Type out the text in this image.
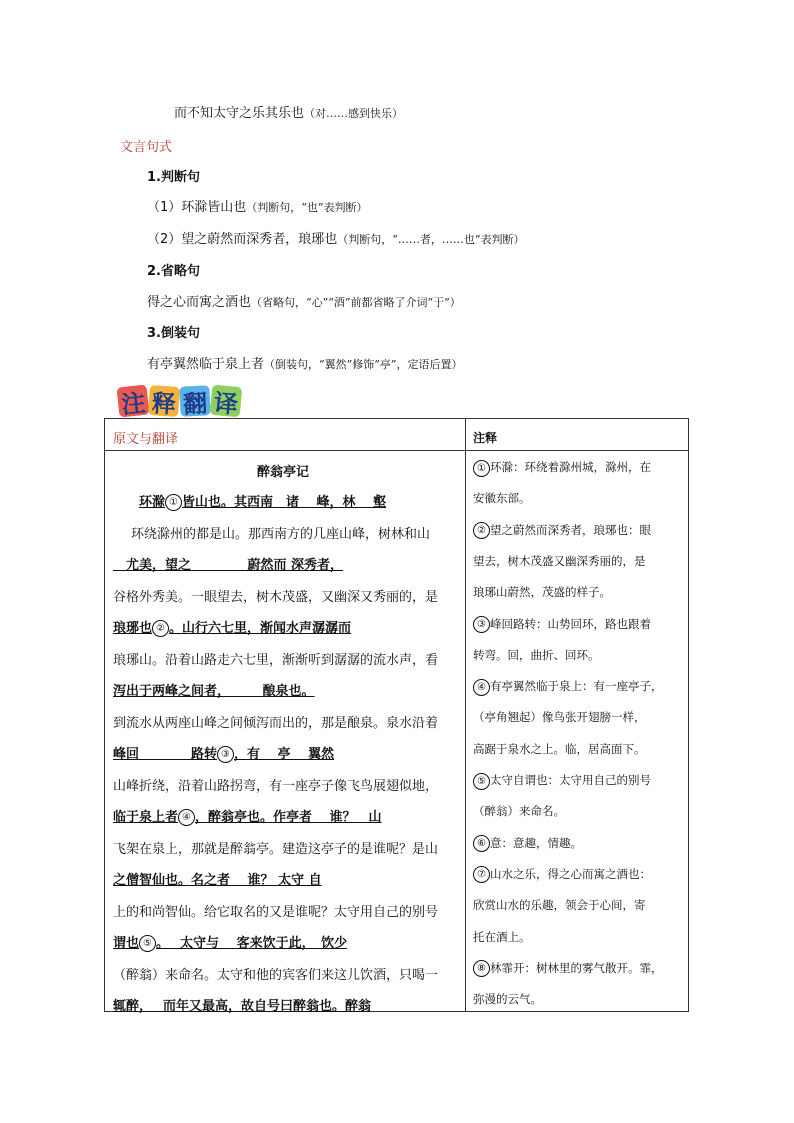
而不知太守之乐其乐也（对……感到快乐）
文言句式
1.判断句
（1）环滁皆山也（判断句，“也”表判断）
（2）望之蔚然而深秀者，琅琊也（判断句，“……者，……也”表判断）
2.省略句
得之心而寓之酒也（省略句，“心”“酒”前都省略了介词“于”）
3.倒装句
有亭翼然临于泉上者（倒装句，“翼然”修饰“亭”，定语后置）
注 释 翻 译
原文与翻译	注释
醉翁亭记
环滁 ① 皆山也。其西南　诸　 峰，林　 壑
环绕滁州的都是山。那西南方的几座山峰，树林和山
　尤美，望之　　　　 蔚然而 深秀者，
谷格外秀美。一眼望去，树木茂盛，又幽深又秀丽的，是
琅琊也 ② 。山行六七里，渐闻水声潺潺而
琅琊山。沿着山路走六七里，渐渐听到潺潺的流水声，看
泻出于两峰之间者，　　　酿泉也。
到流水从两座山峰之间倾泻而出的，那是酿泉。泉水沿着
峰回　　　　路转 ③ ，有　 亭　 翼然
山峰折绕，沿着山路拐弯，有一座亭子像飞鸟展翅似地，
临于泉上者 ④ ，醉翁亭也。作亭者　 谁？　山
飞架在泉上，那就是醉翁亭。建造这亭子的是谁呢？是山
之僧智仙也。名之者　 谁？ 太守 自
上的和尚智仙。给它取名的又是谁呢？太守用自己的别号
谓也 ⑤ 。　 太守与　 客来饮于此，　饮少
（醉翁）来命名。太守和他的宾客们来这儿饮酒，只喝一
辄醉，　 而年又最高，故自号曰醉翁也。醉翁
① 环滁：环绕着滁州城，滁州，在
安徽东部。
② 望之蔚然而深秀者，琅琊也：眼
望去，树木茂盛又幽深秀丽的，是
琅琊山蔚然，茂盛的样子。
③ 峰回路转：山势回环，路也跟着
转弯。回，曲折、回环。
④ 有亭翼然临于泉上：有一座亭子，
（亭角翘起）像鸟张开翅膀一样，
高踞于泉水之上。临，居高面下。
⑤ 太守自谓也：太守用自己的别号
（醉翁）来命名。
⑥ 意：意趣，情趣。
⑦ 山水之乐，得之心而寓之酒也：
欣赏山水的乐趣，领会于心间，寄
托在酒上。
⑧ 林霏开：树林里的雾气散开。霏，
弥漫的云气。
